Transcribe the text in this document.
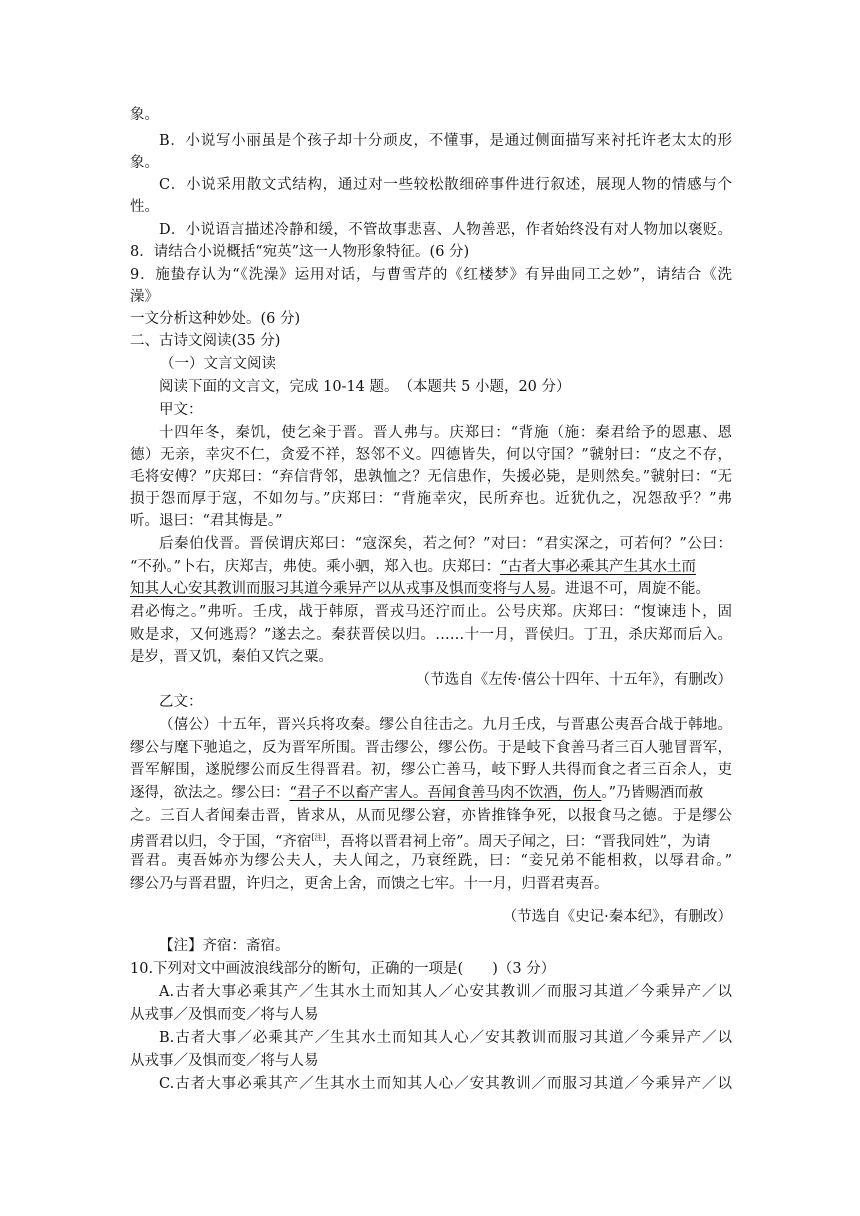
象。
B．小说写小丽虽是个孩子却十分顽皮，不懂事，是通过侧面描写来衬托许老太太的形
象。
C．小说采用散文式结构，通过对一些较松散细碎事件进行叙述，展现人物的情感与个
性。
D．小说语言描述冷静和缓，不管故事悲喜、人物善恶，作者始终没有对人物加以褒贬。
8．请结合小说概括“宛英”这一人物形象特征。(6 分)
9．施蛰存认为“《洗澡》运用对话，与曹雪芹的《红楼梦》有异曲同工之妙”，请结合《洗
澡》
一文分析这种妙处。(6 分)
二、古诗文阅读(35 分)
（一）文言文阅读
阅读下面的文言文，完成 10-14 题。　（本题共 5 小题，20 分）
甲文：
十四年冬，秦饥，使乞籴于晋。晋人弗与。庆郑曰：“背施（施：秦君给予的恩惠、恩
德）无亲，幸灾不仁，贪爱不祥，怒邻不义。四德皆失，何以守国？”虢射曰：“皮之不存，
毛将安傅？”庆郑曰：“弃信背邻，患孰恤之？无信患作，失援必毙，是则然矣。”虢射曰：“无
损于怨而厚于寇，不如勿与。”庆郑曰：“背施幸灾，民所弃也。近犹仇之，况怨敌乎？”弗
听。退曰：“君其悔是。”
后秦伯伐晋。晋侯谓庆郑曰：“寇深矣，若之何？”对曰：“君实深之，可若何？”公曰：
“不孙。”卜右，庆郑吉，弗使。乘小驷，郑入也。庆郑曰：“古者大事必乘其产生其水土而
知其人心安其教训而服习其道今乘异产以从戎事及惧而变将与人易。进退不可，周旋不能。
君必悔之。”弗听。壬戌，战于韩原，晋戎马还泞而止。公号庆郑。庆郑曰：“愎谏违卜，固
败是求，又何逃焉？”遂去之。秦获晋侯以归。……十一月，晋侯归。丁丑，杀庆郑而后入。
是岁，晋又饥，秦伯又饩之粟。
（节选自《左传·僖公十四年、十五年》，有删改）
乙文：
（僖公）十五年，晋兴兵将攻秦。缪公自往击之。九月壬戌，与晋惠公夷吾合战于韩地。
缪公与麾下驰追之，反为晋军所围。晋击缪公，缪公伤。于是岐下食善马者三百人驰冒晋军，
晋军解围，遂脱缪公而反生得晋君。初，缪公亡善马，岐下野人共得而食之者三百余人，吏
逐得，欲法之。缪公曰：“君子不以畜产害人。吾闻食善马肉不饮酒，伤人。”乃皆赐酒而赦
之。三百人者闻秦击晋，皆求从，从而见缪公窘，亦皆推锋争死，以报食马之德。于是缪公
虏晋君以归，令于国，“齐宿[注]，吾将以晋君祠上帝”。周天子闻之，曰：“晋我同姓”，为请
晋君。夷吾姊亦为缪公夫人，夫人闻之，乃衰绖跣，曰：“妾兄弟不能相救，以辱君命。”
缪公乃与晋君盟，许归之，更舍上舍，而馈之七牢。十一月，归晋君夷吾。
（节选自《史记·秦本纪》，有删改）
【注】齐宿：斋宿。
10.下列对文中画波浪线部分的断句，正确的一项是(　　)（3 分）
A.古者大事必乘其产／生其水土而知其人／心安其教训／而服习其道／今乘异产／以
从戎事／及惧而变／将与人易
B.古者大事／必乘其产／生其水土而知其人心／安其教训而服习其道／今乘异产／以
从戎事／及惧而变／将与人易
C.古者大事必乘其产／生其水土而知其人心／安其教训／而服习其道／今乘异产／以
